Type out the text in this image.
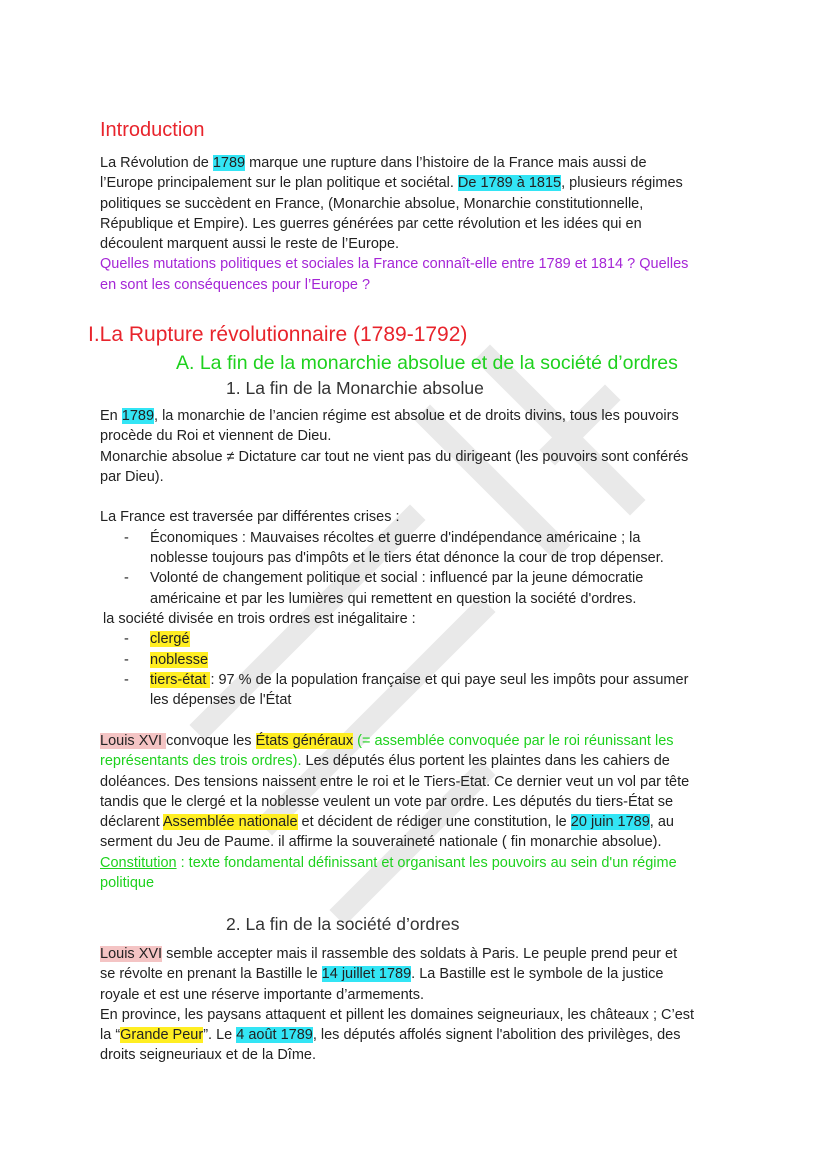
Introduction

La Révolution de 1789 marque une rupture dans l’histoire de la France mais aussi de

l’Europe principalement sur le plan politique et sociétal. De 1789 à 1815, plusieurs régimes

politiques se succèdent en France, (Monarchie absolue, Monarchie constitutionnelle,

République et Empire). Les guerres générées par cette révolution et les idées qui en

découlent marquent aussi le reste de l’Europe.

Quelles mutations politiques et sociales la France connaît-elle entre 1789 et 1814 ? Quelles

en sont les conséquences pour l’Europe ?

I.La Rupture révolutionnaire (1789-1792)
A. La fin de la monarchie absolue et de la société d’ordres
1. La fin de la Monarchie absolue

En 1789, la monarchie de l’ancien régime est absolue et de droits divins, tous les pouvoirs

procède du Roi et viennent de Dieu.

Monarchie absolue ≠ Dictature car tout ne vient pas du dirigeant (les pouvoirs sont conférés

par Dieu).

La France est traversée par différentes crises :

- Économiques : Mauvaises récoltes et guerre d'indépendance américaine ; la
noblesse toujours pas d'impôts et le tiers état dénonce la cour de trop dépenser.
- Volonté de changement politique et social : influencé par la jeune démocratie
américaine et par les lumières qui remettent en question la société d'ordres.

la société divisée en trois ordres est inégalitaire :

- clergé
- noblesse
- tiers-état : 97 % de la population française et qui paye seul les impôts pour assumer
les dépenses de l'État

Louis XVI convoque les États généraux (= assemblée convoquée par le roi réunissant les

représentants des trois ordres). Les députés élus portent les plaintes dans les cahiers de

doléances. Des tensions naissent entre le roi et le Tiers-Etat. Ce dernier veut un vol par tête

tandis que le clergé et la noblesse veulent un vote par ordre. Les députés du tiers-État se

déclarent Assemblée nationale et décident de rédiger une constitution, le 20 juin 1789, au

serment du Jeu de Paume. il affirme la souveraineté nationale ( fin monarchie absolue).

Constitution : texte fondamental définissant et organisant les pouvoirs au sein d'un régime

politique

2. La fin de la société d’ordres

Louis XVI semble accepter mais il rassemble des soldats à Paris. Le peuple prend peur et

se révolte en prenant la Bastille le 14 juillet 1789. La Bastille est le symbole de la justice

royale et est une réserve importante d’armements.

En province, les paysans attaquent et pillent les domaines seigneuriaux, les châteaux ; C’est

la “Grande Peur”. Le 4 août 1789, les députés affolés signent l'abolition des privilèges, des

droits seigneuriaux et de la Dîme.
